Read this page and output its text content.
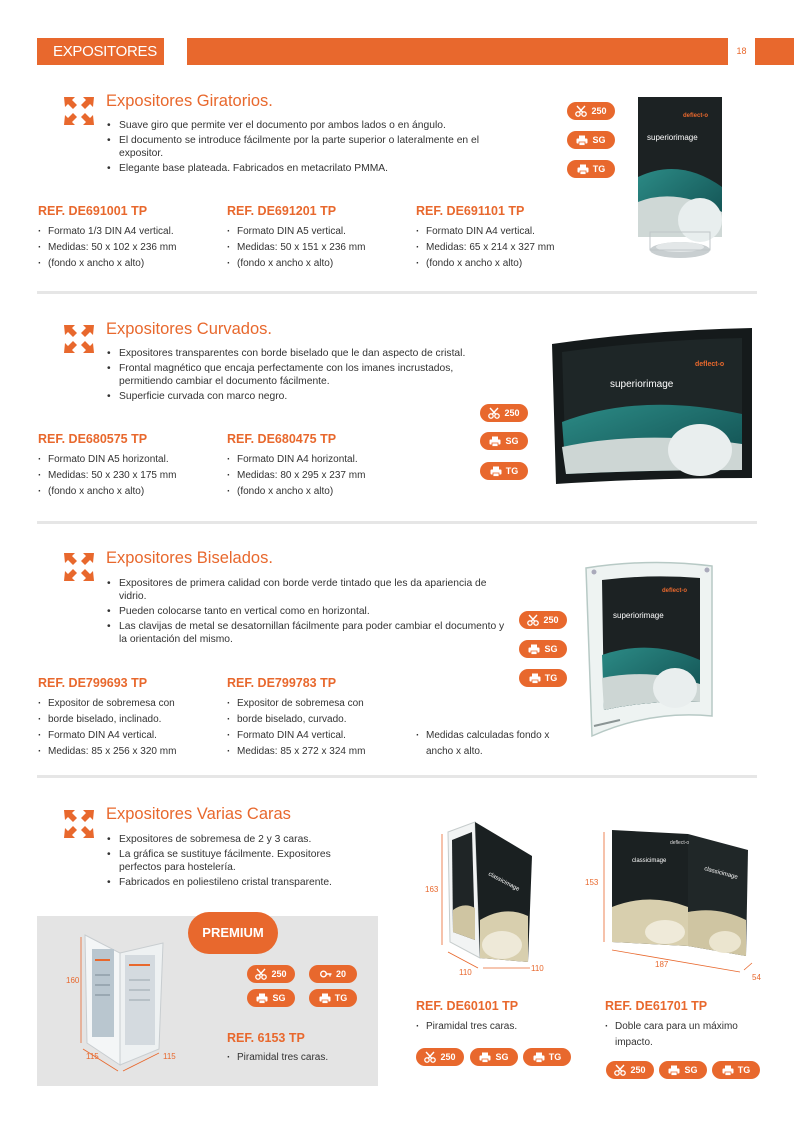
EXPOSITORES	18
Expositores Giratorios.
• Suave giro que permite ver el documento por ambos lados o en ángulo.
• El documento se introduce fácilmente por la parte superior o lateralmente en el expositor.
• Elegante base plateada. Fabricados en metacrilato PMMA.
REF. DE691001 TP
· Formato 1/3 DIN A4 vertical.
· Medidas: 50 x 102 x 236 mm
· (fondo x ancho x alto)
REF. DE691201 TP
· Formato DIN A5 vertical.
· Medidas: 50 x 151 x 236 mm
· (fondo x ancho x alto)
REF. DE691101 TP
· Formato DIN A4 vertical.
· Medidas: 65 x 214 x 327 mm
· (fondo x ancho x alto)
250
SG
TG
deflect-o
superiorimage
Expositores Curvados.
• Expositores transparentes con borde biselado que le dan aspecto de cristal.
• Frontal magnético que encaja perfectamente con los imanes incrustados, permitiendo cambiar el documento fácilmente.
• Superficie curvada con marco negro.
REF. DE680575 TP
· Formato DIN A5 horizontal.
· Medidas: 50 x 230 x 175 mm
· (fondo x ancho x alto)
REF. DE680475 TP
· Formato DIN A4 horizontal.
· Medidas: 80 x 295 x 237 mm
· (fondo x ancho x alto)
250
SG
TG
deflect-o
superiorimage
Expositores Biselados.
• Expositores de primera calidad con borde verde tintado que les da apariencia de vidrio.
• Pueden colocarse tanto en vertical como en horizontal.
• Las clavijas de metal se desatornillan fácilmente para poder cambiar el documento y la orientación del mismo.
REF. DE799693 TP
· Expositor de sobremesa con
· borde biselado, inclinado.
· Formato DIN A4 vertical.
· Medidas: 85 x 256 x 320 mm
REF. DE799783 TP
· Expositor de sobremesa con
· borde biselado, curvado.
· Formato DIN A4 vertical.
· Medidas: 85 x 272 x 324 mm
· Medidas calculadas fondo x ancho x alto.
250
SG
TG
deflect-o
superiorimage
Expositores Varias Caras
• Expositores de sobremesa de 2 y 3 caras.
• La gráfica se sustituye fácilmente. Expositores perfectos para hostelería.
• Fabricados en poliestileno cristal transparente.
PREMIUM
160
115	115
250	20
SG	TG
REF. 6153 TP
· Piramidal tres caras.
classicimage
163
110	110
REF. DE60101 TP
· Piramidal tres caras.
250	SG	TG
deflect-o
classicimage
classicimage
153
187
54
REF. DE61701 TP
· Doble cara para un máximo impacto.
250	SG	TG
